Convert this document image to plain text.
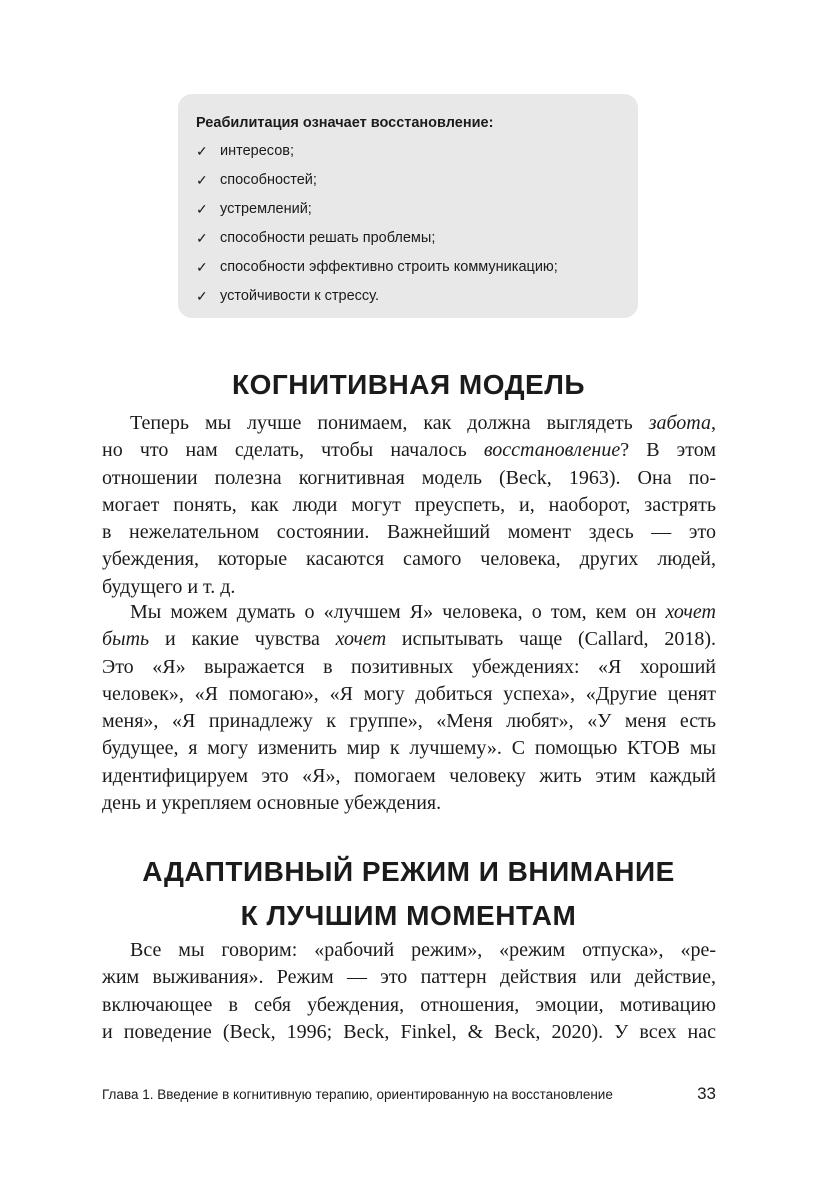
Реабилитация означает восстановление:

✓ интересов;
✓ способностей;
✓ устремлений;
✓ способности решать проблемы;
✓ способности эффективно строить коммуникацию;
✓ устойчивости к стрессу.
КОГНИТИВНАЯ МОДЕЛЬ
Теперь мы лучше понимаем, как должна выглядеть забота,
но что нам сделать, чтобы началось восстановление? В этом
отношении полезна когнитивная модель (Beck, 1963). Она по-
могает понять, как люди могут преуспеть, и, наоборот, застрять
в нежелательном состоянии. Важнейший момент здесь — это
убеждения, которые касаются самого человека, других людей,
будущего и т. д.
Мы можем думать о «лучшем Я» человека, о том, кем он хочет
быть и какие чувства хочет испытывать чаще (Callard, 2018).
Это «Я» выражается в позитивных убеждениях: «Я хороший
человек», «Я помогаю», «Я могу добиться успеха», «Другие ценят
меня», «Я принадлежу к группе», «Меня любят», «У меня есть
будущее, я могу изменить мир к лучшему». С помощью КТОВ мы
идентифицируем это «Я», помогаем человеку жить этим каждый
день и укрепляем основные убеждения.
АДАПТИВНЫЙ РЕЖИМ И ВНИМАНИЕ
К ЛУЧШИМ МОМЕНТАМ
Все мы говорим: «рабочий режим», «режим отпуска», «ре-
жим выживания». Режим — это паттерн действия или действие,
включающее в себя убеждения, отношения, эмоции, мотивацию
и поведение (Beck, 1996; Beck, Finkel, & Beck, 2020). У всех нас
Глава 1. Введение в когнитивную терапию, ориентированную на восстановление	33
